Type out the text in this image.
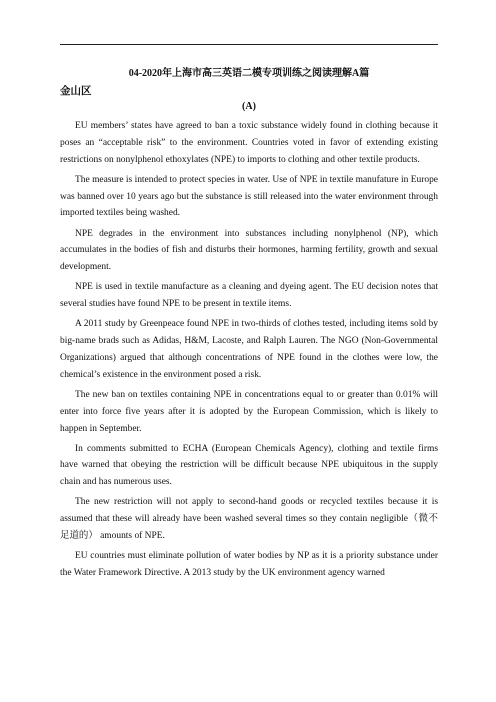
04-2020年上海市高三英语二模专项训练之阅读理解A篇
金山区
(A)

EU members’ states have agreed to ban a toxic substance widely found in clothing because it poses an “acceptable risk” to the environment. Countries voted in favor of extending existing restrictions on nonylphenol ethoxylates (NPE) to imports to clothing and other textile products.

The measure is intended to protect species in water. Use of NPE in textile manufature in Europe was banned over 10 years ago but the substance is still released into the water environment through imported textiles being washed.

NPE degrades in the environment into substances including nonylphenol (NP), which accumulates in the bodies of fish and disturbs their hormones, harming fertility, growth and sexual development.

NPE is used in textile manufacture as a cleaning and dyeing agent. The EU decision notes that several studies have found NPE to be present in textile items.

A 2011 study by Greenpeace found NPE in two-thirds of clothes tested, including items sold by big-name brads such as Adidas, H&M, Lacoste, and Ralph Lauren. The NGO (Non-Governmental Organizations) argued that although concentrations of NPE found in the clothes were low, the chemical’s existence in the environment posed a risk.

The new ban on textiles containing NPE in concentrations equal to or greater than 0.01% will enter into force five years after it is adopted by the European Commission, which is likely to happen in September.

In comments submitted to ECHA (European Chemicals Agency), clothing and textile firms have warned that obeying the restriction will be difficult because NPE ubiquitous in the supply chain and has numerous uses.

The new restriction will not apply to second-hand goods or recycled textiles because it is assumed that these will already have been washed several times so they contain negligible（微不足道的） amounts of NPE.

EU countries must eliminate pollution of water bodies by NP as it is a priority substance under the Water Framework Directive. A 2013 study by the UK environment agency warned
